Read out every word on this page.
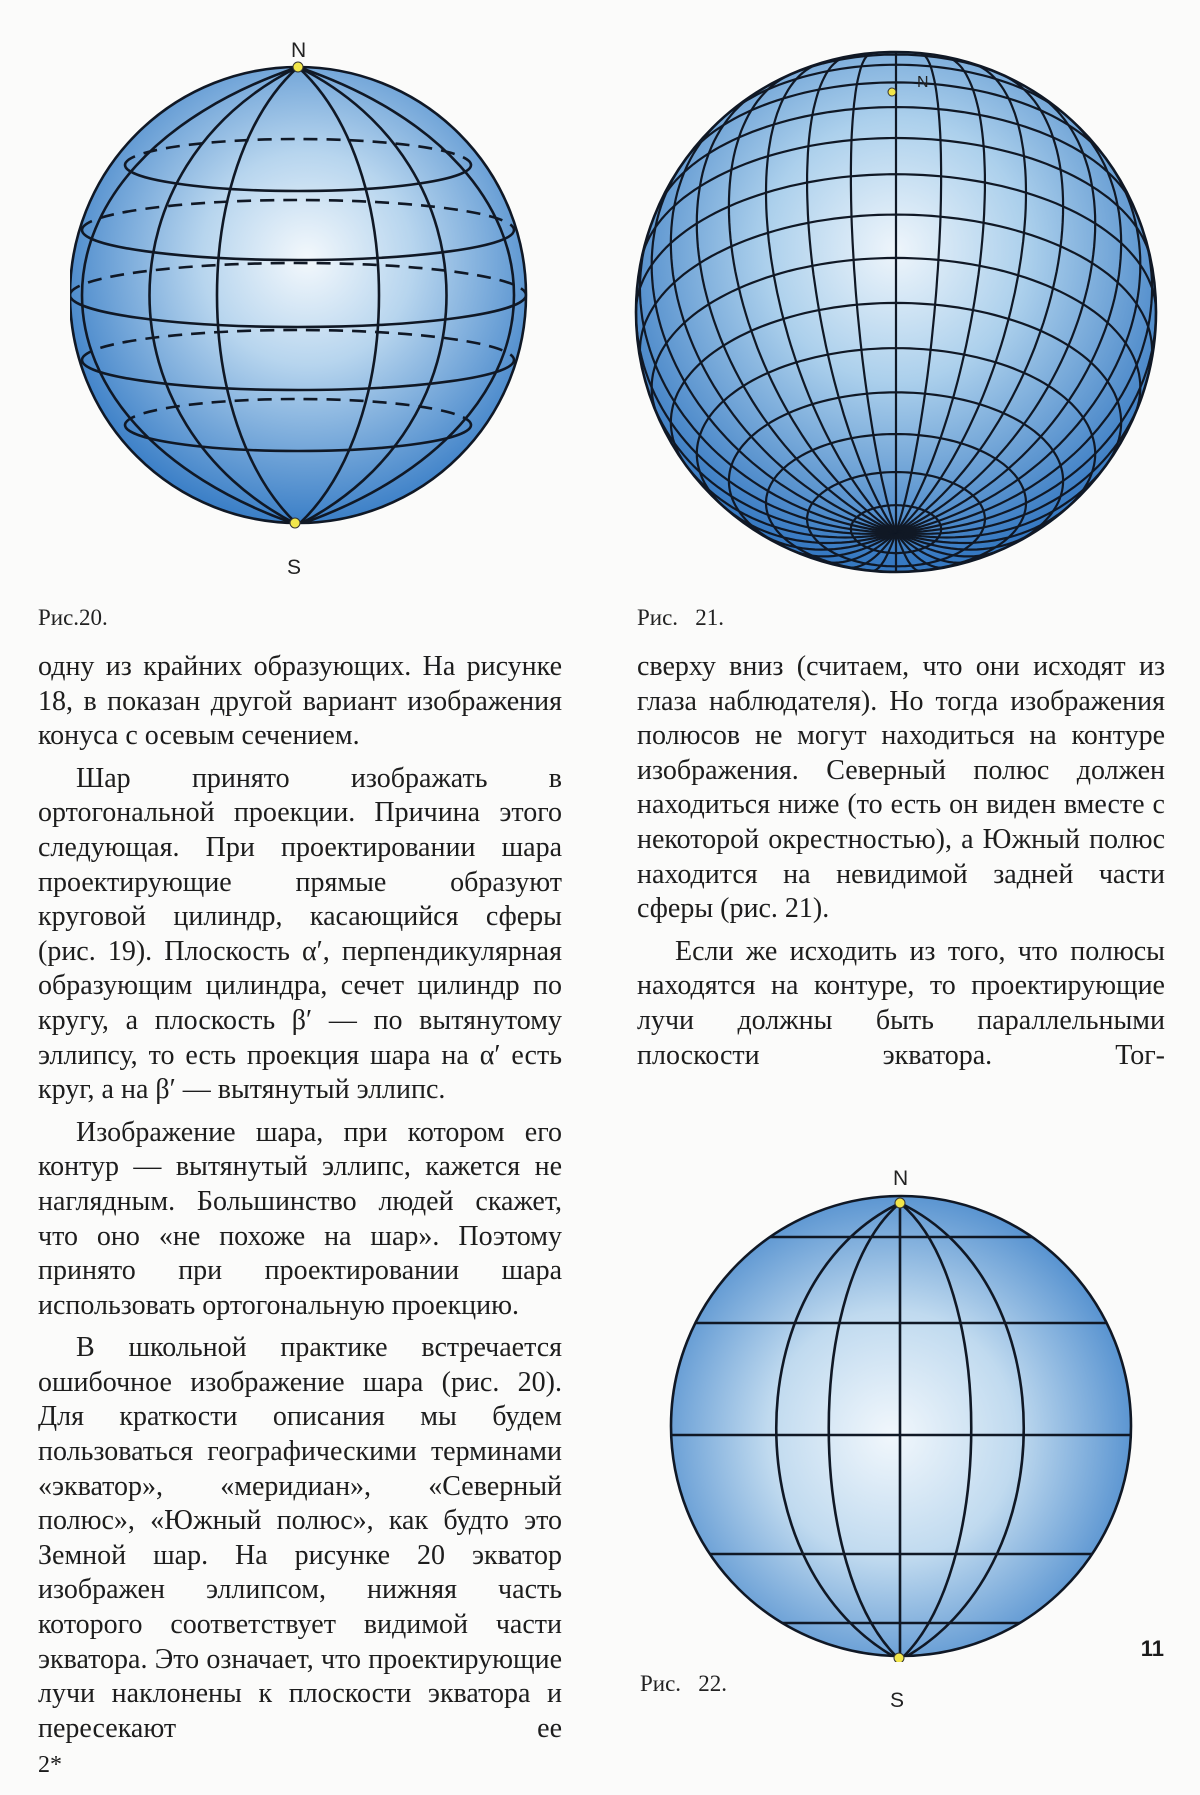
N
S
N
N
S
Рис.20.	Рис.   21.
Рис.   22.

одну из крайних образующих. На рисунке 18, в показан другой вариант изображения конуса с осевым сечением.

Шар принято изображать в ортогональной проекции. Причина этого следующая. При проектировании шара проектирующие прямые образуют круговой цилиндр, касающийся сферы (рис. 19). Плоскость α′, перпендикулярная образующим цилиндра, сечет цилиндр по кругу, а плоскость β′ — по вытянутому эллипсу, то есть проекция шара на α′ есть круг, а на β′ — вытянутый эллипс.

Изображение шара, при котором его контур — вытянутый эллипс, кажется не наглядным. Большинство людей скажет, что оно «не похоже на шар». Поэтому принято при проектировании шара использовать ортогональную проекцию.

В школьной практике встречается ошибочное изображение шара (рис. 20). Для краткости описания мы будем пользоваться географическими терминами «экватор», «меридиан», «Северный полюс», «Южный полюс», как будто это Земной шар. На рисунке 20 экватор изображен эллипсом, нижняя часть которого соответствует видимой части экватора. Это означает, что проектирующие лучи наклонены к плоскости экватора и пересекают ее

сверху вниз (считаем, что они исходят из глаза наблюдателя). Но тогда изображения полюсов не могут находиться на контуре изображения. Северный полюс должен находиться ниже (то есть он виден вместе с некоторой окрестностью), а Южный полюс находится на невидимой задней части сферы (рис. 21).

Если же исходить из того, что полюсы находятся на контуре, то проектирующие лучи должны быть параллельными плоскости экватора. Тог-

11
2*
